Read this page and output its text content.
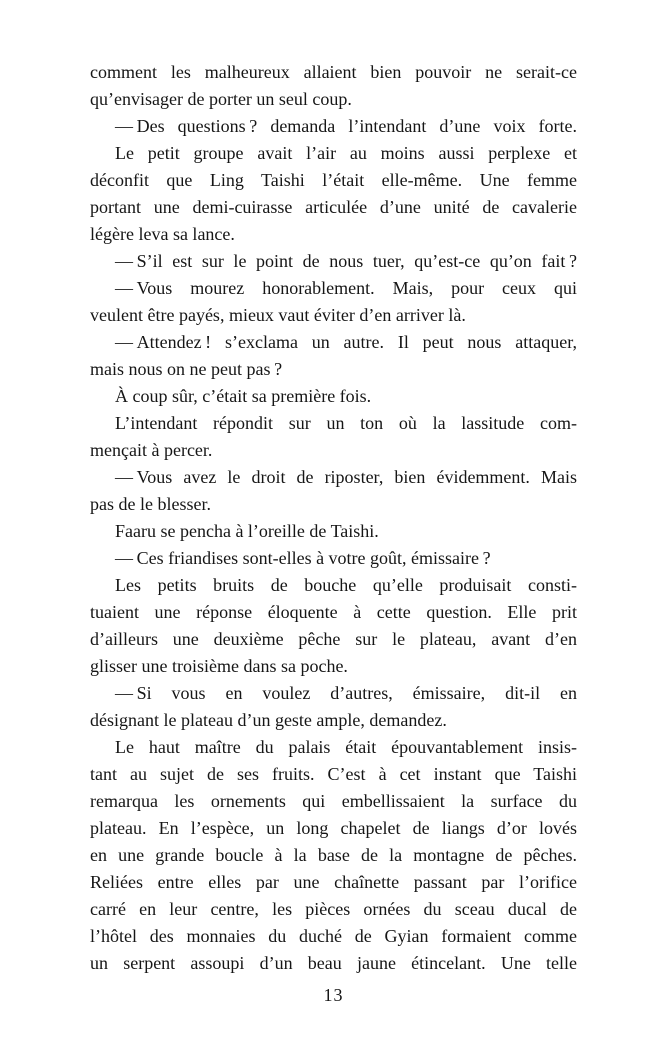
comment les malheureux allaient bien pouvoir ne serait-ce
qu’envisager de porter un seul coup.
— Des questions ? demanda l’intendant d’une voix forte.
Le petit groupe avait l’air au moins aussi perplexe et
déconfit que Ling Taishi l’était elle-même. Une femme
portant une demi-cuirasse articulée d’une unité de cavalerie
légère leva sa lance.
— S’il est sur le point de nous tuer, qu’est-ce qu’on fait ?
— Vous mourez honorablement. Mais, pour ceux qui
veulent être payés, mieux vaut éviter d’en arriver là.
— Attendez ! s’exclama un autre. Il peut nous attaquer,
mais nous on ne peut pas ?
À coup sûr, c’était sa première fois.
L’intendant répondit sur un ton où la lassitude com-
mençait à percer.
— Vous avez le droit de riposter, bien évidemment. Mais
pas de le blesser.
Faaru se pencha à l’oreille de Taishi.
— Ces friandises sont-elles à votre goût, émissaire ?
Les petits bruits de bouche qu’elle produisait consti-
tuaient une réponse éloquente à cette question. Elle prit
d’ailleurs une deuxième pêche sur le plateau, avant d’en
glisser une troisième dans sa poche.
— Si vous en voulez d’autres, émissaire, dit-il en
désignant le plateau d’un geste ample, demandez.
Le haut maître du palais était épouvantablement insis-
tant au sujet de ses fruits. C’est à cet instant que Taishi
remarqua les ornements qui embellissaient la surface du
plateau. En l’espèce, un long chapelet de liangs d’or lovés
en une grande boucle à la base de la montagne de pêches.
Reliées entre elles par une chaînette passant par l’orifice
carré en leur centre, les pièces ornées du sceau ducal de
l’hôtel des monnaies du duché de Gyian formaient comme
un serpent assoupi d’un beau jaune étincelant. Une telle
13
